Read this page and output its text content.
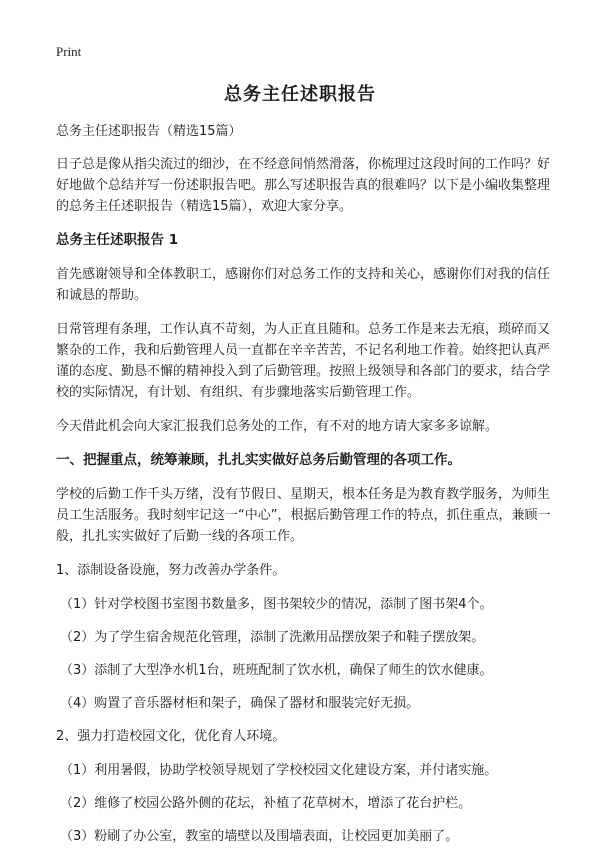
Print
总务主任述职报告

总务主任述职报告（精选15篇）

日子总是像从指尖流过的细沙，在不经意间悄然滑落，你梳理过这段时间的工作吗？好好地做个总结并写一份述职报告吧。那么写述职报告真的很难吗？以下是小编收集整理的总务主任述职报告（精选15篇），欢迎大家分享。

总务主任述职报告 1

首先感谢领导和全体教职工，感谢你们对总务工作的支持和关心，感谢你们对我的信任和诚恳的帮助。

日常管理有条理，工作认真不苛刻，为人正直且随和。总务工作是来去无痕，琐碎而又繁杂的工作，我和后勤管理人员一直都在辛辛苦苦，不记名利地工作着。始终把认真严谨的态度、勤恳不懈的精神投入到了后勤管理。按照上级领导和各部门的要求，结合学校的实际情况，有计划、有组织、有步骤地落实后勤管理工作。

今天借此机会向大家汇报我们总务处的工作，有不对的地方请大家多多谅解。

一、把握重点，统筹兼顾，扎扎实实做好总务后勤管理的各项工作。

学校的后勤工作千头万绪，没有节假日、星期天，根本任务是为教育教学服务，为师生员工生活服务。我时刻牢记这一“中心”，根据后勤管理工作的特点，抓住重点，兼顾一般，扎扎实实做好了后勤一线的各项工作。

1、添制设备设施，努力改善办学条件。

（1）针对学校图书室图书数量多，图书架较少的情况，添制了图书架4个。

（2）为了学生宿舍规范化管理，添制了洗漱用品摆放架子和鞋子摆放架。

（3）添制了大型净水机1台，班班配制了饮水机，确保了师生的饮水健康。

（4）购置了音乐器材柜和架子，确保了器材和服装完好无损。

2、强力打造校园文化，优化育人环境。

（1）利用暑假，协助学校领导规划了学校校园文化建设方案，并付诸实施。

（2）维修了校园公路外侧的花坛，补植了花草树木，增添了花台护栏。

（3）粉刷了办公室，教室的墙壁以及围墙表面，让校园更加美丽了。
